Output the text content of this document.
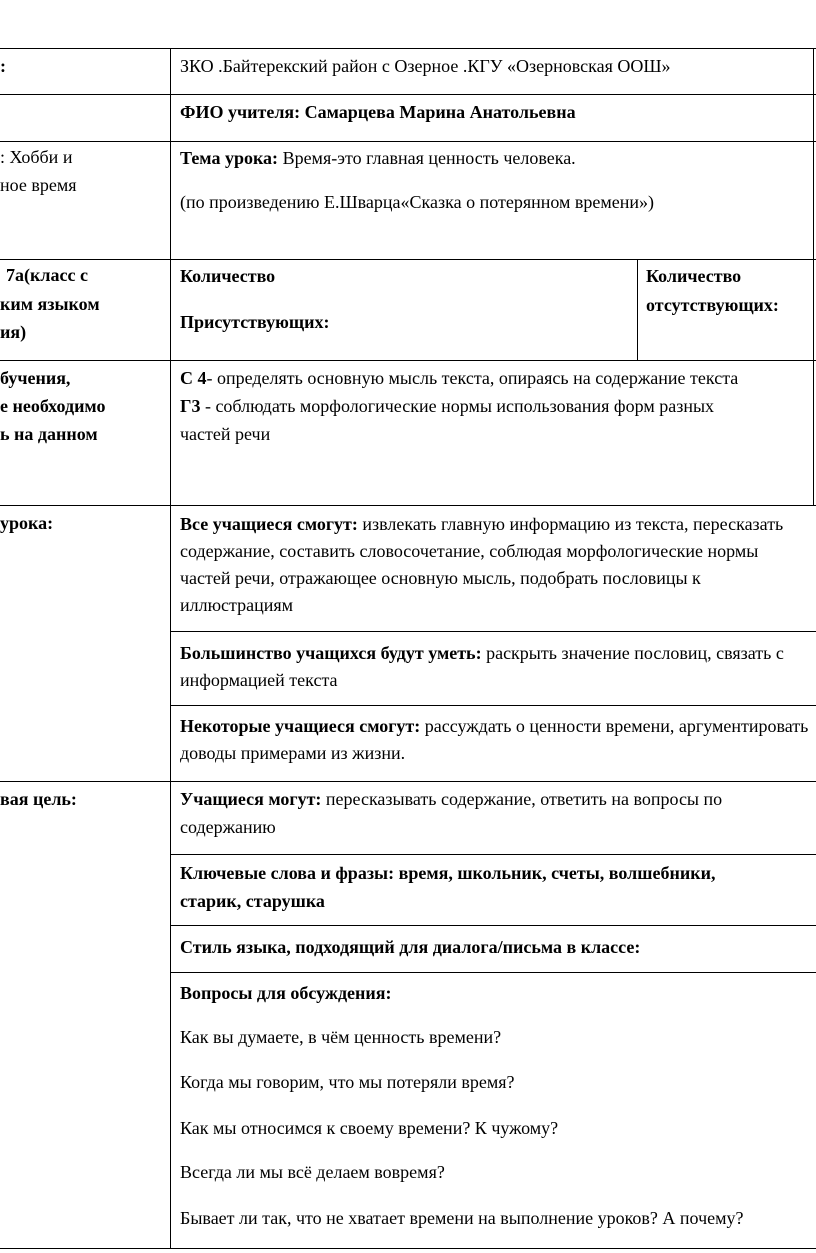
:
: Хобби и
ное время
7а(класс с
ким языком
ия)
бучения,
е необходимо
ь на данном
урока:
вая цель:
ЗКО .Байтерекский район с Озерное .КГУ «Озерновская ООШ»
ФИО учителя: Самарцева Марина Анатольевна
Тема урока: Время-это главная ценность человека.
(по произведению Е.Шварца«Сказка о потерянном времени»)
Количество
Присутствующих:
Количество
отсутствующих:
С 4- определять основную мысль текста, опираясь на содержание текста
Г3 - соблюдать морфологические нормы использования форм разных
частей речи
Все учащиеся смогут: извлекать главную информацию из текста, пересказать содержание, составить словосочетание, соблюдая морфологические нормы частей речи, отражающее основную мысль, подобрать пословицы к иллюстрациям
Большинство учащихся будут уметь: раскрыть значение пословиц, связать с информацией текста
Некоторые учащиеся смогут: рассуждать о ценности времени, аргументировать доводы примерами из жизни.
Учащиеся могут: пересказывать содержание, ответить на вопросы по
содержанию
Ключевые слова и фразы: время, школьник, счеты, волшебники,
старик, старушка
Стиль языка, подходящий для диалога/письма в классе:
Вопросы для обсуждения:
Как вы думаете, в чём ценность времени?
Когда мы говорим, что мы потеряли время?
Как мы относимся к своему времени? К чужому?
Всегда ли мы всё делаем вовремя?
Бывает ли так, что не хватает времени на выполнение уроков? А почему?
